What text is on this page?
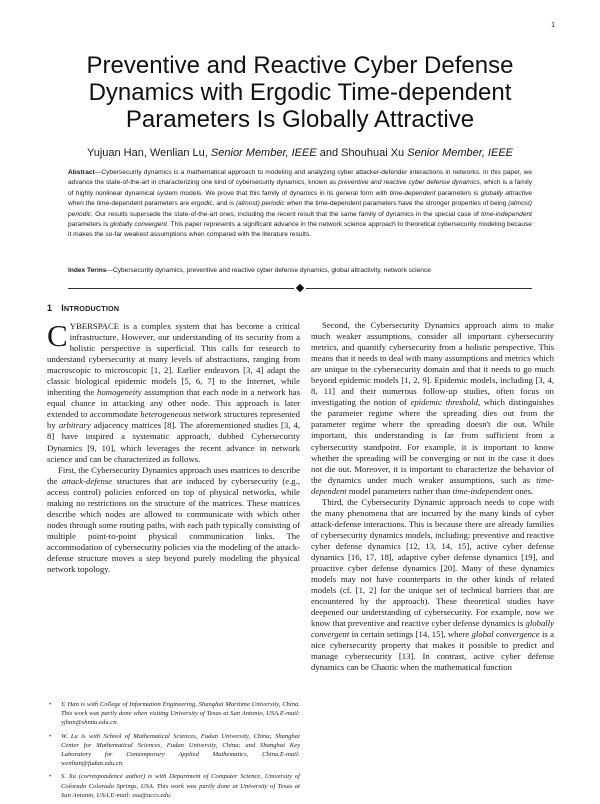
1
Preventive and Reactive Cyber Defense Dynamics with Ergodic Time-dependent Parameters Is Globally Attractive
Yujuan Han, Wenlian Lu, Senior Member, IEEE and Shouhuai Xu Senior Member, IEEE
Abstract—Cybersecurity dynamics is a mathematical approach to modeling and analyzing cyber attacker-defender interactions in networks. In this paper, we advance the state-of-the-art in characterizing one kind of cybersecurity dynamics, known as preventive and reactive cyber defense dynamics, which is a family of highly nonlinear dynamical system models. We prove that this family of dynamics in its general form with time-dependent parameters is globally attractive when the time-dependent parameters are ergodic, and is (almost) periodic when the time-dependent parameters have the stronger properties of being (almost) periodic. Our results supersede the state-of-the-art ones, including the recent result that the same family of dynamics in the special case of time-independent parameters is globally convergent. This paper represents a significant advance in the network science approach to theoretical cybersecurity modeling because it makes the so-far weakest assumptions when compared with the literature results.
Index Terms—Cybersecurity dynamics, preventive and reactive cyber defense dynamics, global attractivity, network science
1 INTRODUCTION

CYBERSPACE is a complex system that has become a critical infrastructure. However, our understanding of its security from a holistic perspective is superficial. This calls for research to understand cybersecurity at many levels of abstractions, ranging from macroscopic to microscopic [1, 2]. Earlier endeavors [3, 4] adapt the classic biological epidemic models [5, 6, 7] to the Internet, while inheriting the homogeneity assumption that each node in a network has equal chance in attacking any other node. This approach is later extended to accommodate heterogeneous network structures represented by arbitrary adjacency matrices [8]. The aforementioned studies [3, 4, 8] have inspired a systematic approach, dubbed Cybersecurity Dynamics [9, 10], which leverages the recent advance in network science and can be characterized as follows.

First, the Cybersecurity Dynamics approach uses matrices to describe the attack-defense structures that are induced by cybersecurity (e.g., access control) policies enforced on top of physical networks, while making no restrictions on the structure of the matrices. These matrices describe which nodes are allowed to communicate with which other nodes through some routing paths, with each path typically consisting of multiple point-to-point physical communication links. The accommodation of cybersecurity policies via the modeling of the attack-defense structure moves a step beyond purely modeling the physical network topology.

• Y. Han is with College of Information Engineering, Shanghai Maritime University, China. This work was partly done when visiting University of Texas at San Antonio, USA.E-mail: yjhan@shmtu.edu.cn.
• W. Lu is with School of Mathematical Sciences, Fudan University, China; Shanghai Center for Mathematical Sciences, Fudan University, China; and Shanghai Key Laboratory for Contemporary Applied Mathematics, China.E-mail: wenlian@fudan.edu.cn.
• S. Xu (correspondence author) is with Department of Computer Science, University of Colorado Colorado Springs, USA. This work was partly done at University of Texas at San Antonio, USA.E-mail: sxu@uccs.edu.

Second, the Cybersecurity Dynamics approach aims to make much weaker assumptions, consider all important cybersecurity metrics, and quantify cybersecurity from a holistic perspective. This means that it needs to deal with many assumptions and metrics which are unique to the cybersecurity domain and that it needs to go much beyond epidemic models [1, 2, 9]. Epidemic models, including [3, 4, 8, 11] and their numerous follow-up studies, often focus on investigating the notion of epidemic threshold, which distinguishes the parameter regime where the spreading dies out from the parameter regime where the spreading doesn't die out. While important, this understanding is far from sufficient from a cybersecurity standpoint. For example, it is important to know whether the spreading will be converging or not in the case it does not die out. Moreover, it is important to characterize the behavior of the dynamics under much weaker assumptions, such as time-dependent model parameters rather than time-independent ones.

Third, the Cybersecurity Dynamic approach needs to cope with the many phenomena that are incurred by the many kinds of cyber attack-defense interactions. This is because there are already families of cybersecurity dynamics models, including: preventive and reactive cyber defense dynamics [12, 13, 14, 15], active cyber defense dynamics [16, 17, 18], adaptive cyber defense dynamics [19], and proactive cyber defense dynamics [20]. Many of these dynamics models may not have counterparts in the other kinds of related models (cf. [1, 2] for the unique set of technical barriers that are encountered by the approach). These theoretical studies have deepened our understanding of cybersecurity. For example, now we know that preventive and reactive cyber defense dynamics is globally convergent in certain settings [14, 15], where global convergence is a nice cybersecurity property that makes it possible to predict and manage cybersecurity [13]. In contrast, active cyber defense dynamics can be Chaotic when the mathematical function
